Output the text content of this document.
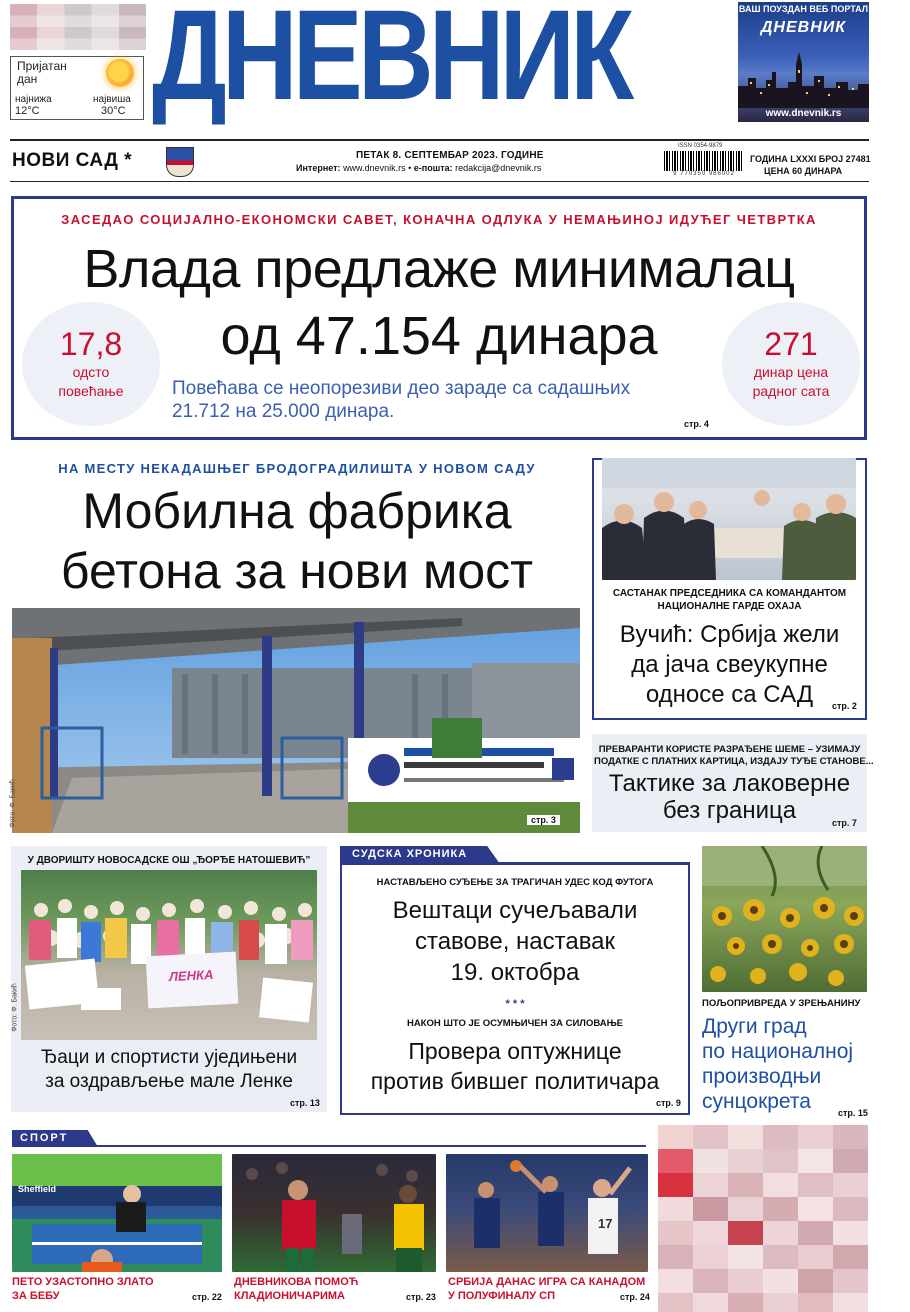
Пријатан дан
најнижа
12°C
највиша
30°C ДНЕВНИК	ВАШ ПОУЗДАН ВЕБ ПОРТАЛ
ДНЕВНИК
www.dnevnik.rs
НОВИ САД *	ПЕТАК 8. СЕПТЕМБАР 2023. ГОДИНЕ
Интернет: www.dnevnik.rs • е-пошта: redakcija@dnevnik.rs
ISSN 0354-9879
9 770350 986002
ГОДИНА LXXXI БРОЈ 27481
ЦЕНА 60 ДИНАРА
ЗАСЕДАО СОЦИЈАЛНО-ЕКОНОМСКИ САВЕТ, КОНАЧНА ОДЛУКА У НЕМАЊИНОЈ ИДУЋЕГ ЧЕТВРТКА
Влада предлаже минималац
од 47.154 динара
17,8
одсто
повећање
271
динар цена
радног сата
Повећава се неопорезиви део зараде са садашњих
21.712 на 25.000 динара.
стр. 4
НА МЕСТУ НЕКАДАШЊЕГ БРОДОГРАДИЛИШТА У НОВОМ САДУ
Мобилна фабрика
бетона за нови мост
стр. 3
Фото: Ф. Бакић
САСТАНАК ПРЕДСЕДНИКА СА КОМАНДАНТОМ
НАЦИОНАЛНЕ ГАРДЕ ОХАЈА
Вучић: Србија жели
да јача свеукупне
односе са САД	стр. 2
ПРЕВАРАНТИ КОРИСТЕ РАЗРАЂЕНЕ ШЕМЕ – УЗИМАЈУ
ПОДАТКЕ С ПЛАТНИХ КАРТИЦА, ИЗДАЈУ ТУЂЕ СТАНОВЕ...
Тактике за лаковерне
без граница	стр. 7
У ДВОРИШТУ НОВОСАДСКЕ ОШ „ЂОРЂЕ НАТОШЕВИЋ”
ЛЕНКА
Фото: Ф. Бакић
Ђаци и спортисти уједињени
за оздрављење мале Ленке
стр. 13
СУДСКА ХРОНИКА
НАСТАВЉЕНО СУЂЕЊЕ ЗА ТРАГИЧАН УДЕС КОД ФУТОГА
Вештаци сучељавали
ставове, наставак
19. октобра
* * *
НАКОН ШТО ЈЕ ОСУМЊИЧЕН ЗА СИЛОВАЊЕ
Провера оптужнице
против бившег политичара
стр. 9
ПОЉОПРИВРЕДА У ЗРЕЊАНИНУ
Други град
по националној
производњи
сунцокрета	стр. 15
СПОРТ
Sheffield
ПЕТО УЗАСТОПНО ЗЛАТО
ЗА БЕБУ	стр. 22
ДНЕВНИКОВА ПОМОЋ
КЛАДИОНИЧАРИМА	стр. 23
17
СРБИЈА ДАНАС ИГРА СА КАНАДОМ
У ПОЛУФИНАЛУ СП	стр. 24
